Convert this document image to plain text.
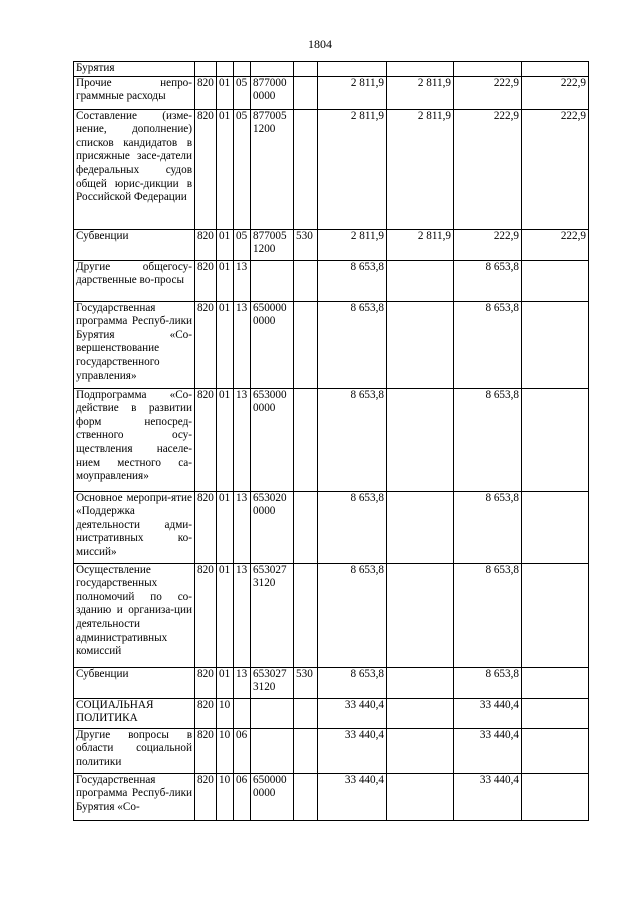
1804
Бурятия									
Прочие непро-граммные расходы	820	01	05	877000 0000		2 811,9	2 811,9	222,9	222,9
Составление (изме-нение, дополнение) списков кандидатов в присяжные засе-датели федеральных судов общей юрис-дикции в Российской Федерации	820	01	05	877005 1200		2 811,9	2 811,9	222,9	222,9
Субвенции	820	01	05	877005 1200	530	2 811,9	2 811,9	222,9	222,9
Другие общегосу-дарственные во-просы	820	01	13			8 653,8		8 653,8	
Государственная программа Респуб-лики Бурятия «Со-вершенствование государственного управления»	820	01	13	650000 0000		8 653,8		8 653,8	
Подпрограмма «Со-действие в развитии форм непосред-ственного осу-ществления населе-нием местного са-моуправления»	820	01	13	653000 0000		8 653,8		8 653,8	
Основное меропри-ятие «Поддержка деятельности адми-нистративных ко-миссий»	820	01	13	653020 0000		8 653,8		8 653,8	
Осуществление государственных полномочий по со-зданию и организа-ции деятельности административных комиссий	820	01	13	653027 3120		8 653,8		8 653,8	
Субвенции	820	01	13	653027 3120	530	8 653,8		8 653,8	
СОЦИАЛЬНАЯ ПОЛИТИКА	820	10				33 440,4		33 440,4	
Другие вопросы в области социальной политики	820	10	06			33 440,4		33 440,4	
Государственная программа Респуб-лики Бурятия «Со-	820	10	06	650000 0000		33 440,4		33 440,4	
